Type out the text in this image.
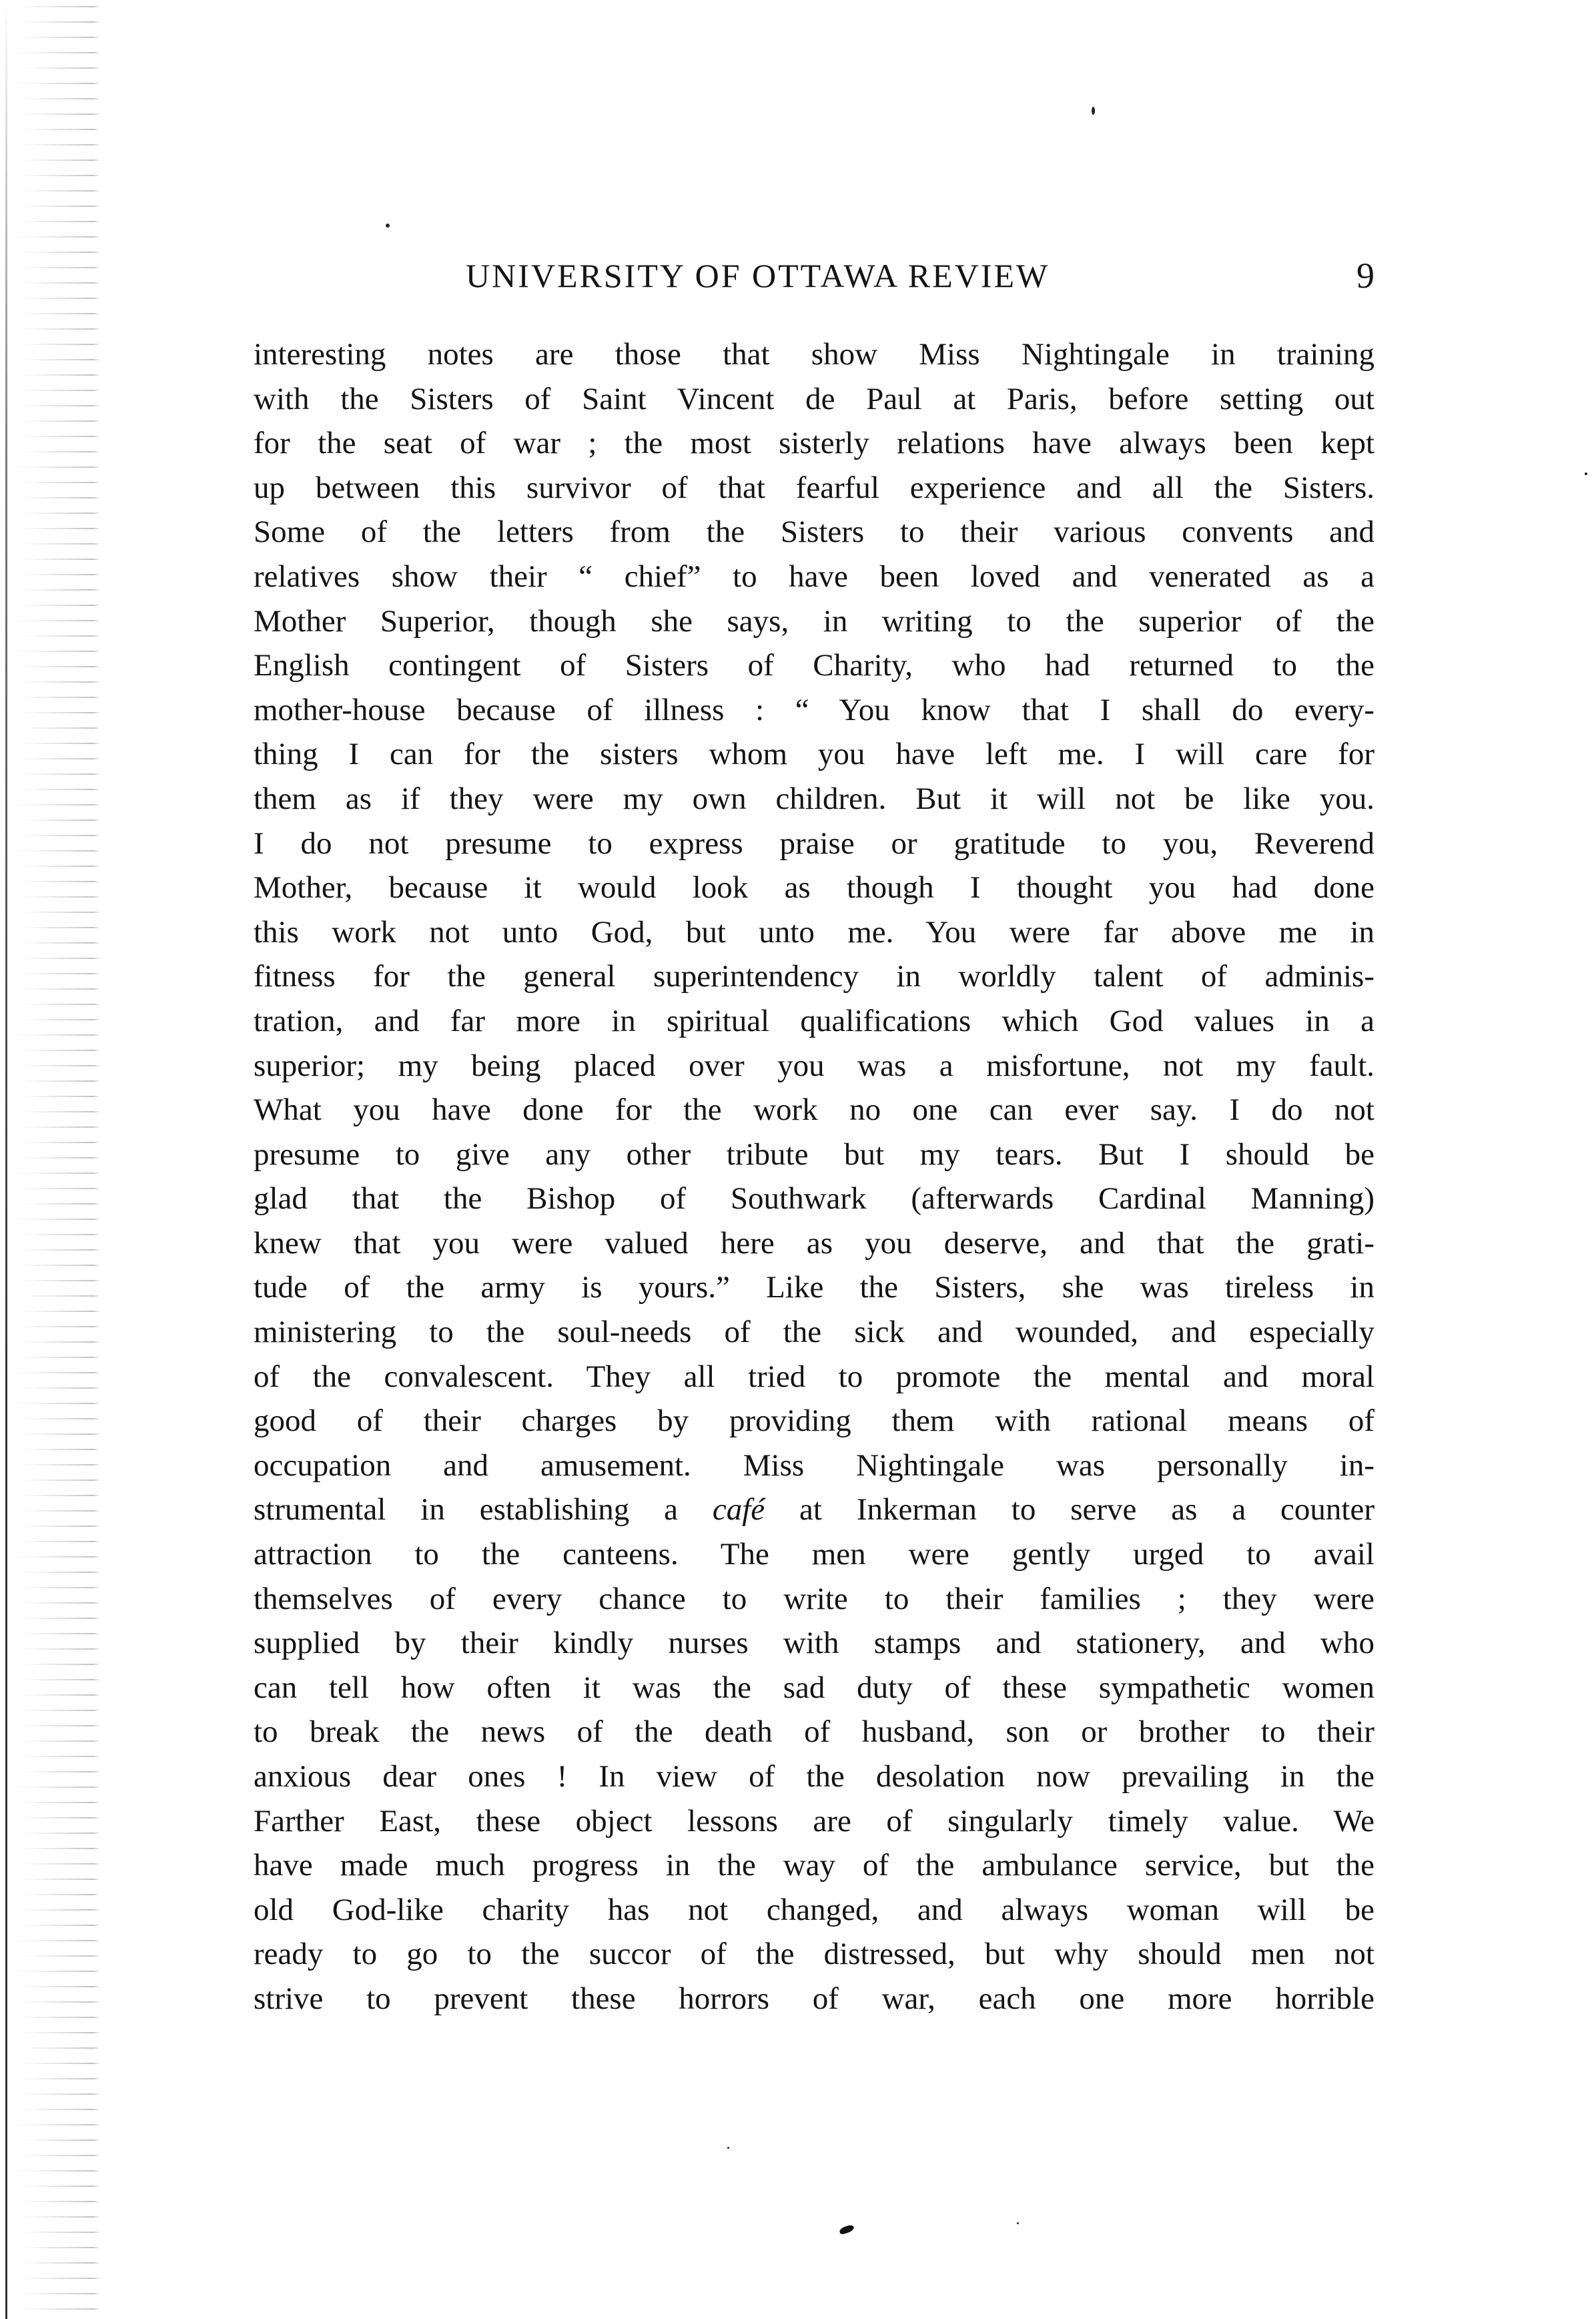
UNIVERSITY OF OTTAWA REVIEW	9
interesting notes are those that show Miss Nightingale in training
with the Sisters of Saint Vincent de Paul at Paris, before setting out
for the seat of war ; the most sisterly relations have always been kept
up between this survivor of that fearful experience and all the Sisters.
Some of the letters from the Sisters to their various convents and
relatives show their “ chief” to have been loved and venerated as a
Mother Superior, though she says, in writing to the superior of the
English contingent of Sisters of Charity, who had returned to the
mother-house because of illness : “ You know that I shall do every-
thing I can for the sisters whom you have left me. I will care for
them as if they were my own children. But it will not be like you.
I do not presume to express praise or gratitude to you, Reverend
Mother, because it would look as though I thought you had done
this work not unto God, but unto me. You were far above me in
fitness for the general superintendency in worldly talent of adminis-
tration, and far more in spiritual qualifications which God values in a
superior; my being placed over you was a misfortune, not my fault.
What you have done for the work no one can ever say. I do not
presume to give any other tribute but my tears. But I should be
glad that the Bishop of Southwark (afterwards Cardinal Manning)
knew that you were valued here as you deserve, and that the grati-
tude of the army is yours.” Like the Sisters, she was tireless in
ministering to the soul-needs of the sick and wounded, and especially
of the convalescent. They all tried to promote the mental and moral
good of their charges by providing them with rational means of
occupation and amusement. Miss Nightingale was personally in-
strumental in establishing a café at Inkerman to serve as a counter
attraction to the canteens. The men were gently urged to avail
themselves of every chance to write to their families ; they were
supplied by their kindly nurses with stamps and stationery, and who
can tell how often it was the sad duty of these sympathetic women
to break the news of the death of husband, son or brother to their
anxious dear ones ! In view of the desolation now prevailing in the
Farther East, these object lessons are of singularly timely value. We
have made much progress in the way of the ambulance service, but the
old God-like charity has not changed, and always woman will be
ready to go to the succor of the distressed, but why should men not
strive to prevent these horrors of war, each one more horrible
